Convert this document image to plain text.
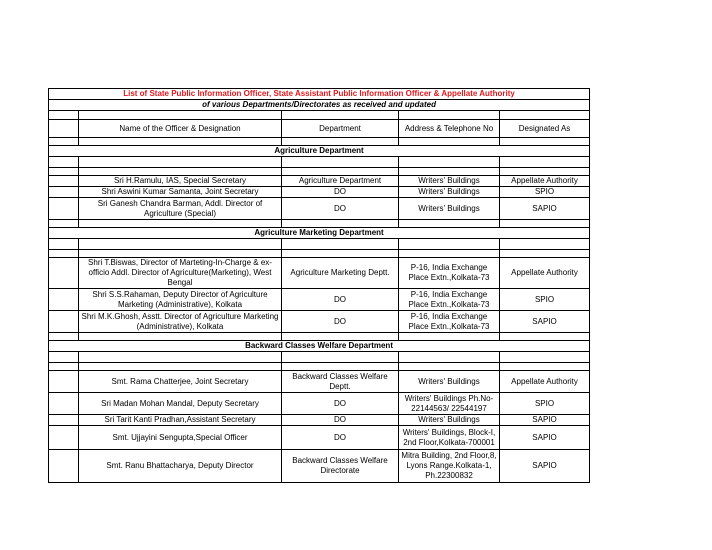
List of State Public Information Officer, State Assistant Public Information Officer & Appellate Authority				
of various Departments/Directorates as received and updated				

	Name of the Officer & Designation	Department	Address & Telephone No	Designated As

Agriculture Department				

	Sri H.Ramulu, IAS, Special Secretary	Agriculture Department	Writers' Buildings	Appellate Authority
	Shri Aswini Kumar Samanta, Joint Secretary	DO	Writers' Buildings	SPIO
	Sri Ganesh Chandra Barman, Addl. Director of Agriculture (Special)	DO	Writers' Buildings	SAPIO

Agriculture Marketing Department				

	Shri T.Biswas, Director of Marteting-In-Charge & ex-officio Addl. Director of Agriculture(Marketing), West Bengal	Agriculture Marketing Deptt.	P-16, India Exchange Place Extn.,Kolkata-73	Appellate Authority
	Shri S.S.Rahaman, Deputy Director of Agriculture Marketing (Administrative), Kolkata	DO	P-16, India Exchange Place Extn.,Kolkata-73	SPIO
	Shri M.K.Ghosh, Asstt. Director of Agriculture Marketing (Administrative), Kolkata	DO	P-16, India Exchange Place Extn.,Kolkata-73	SAPIO

Backward Classes Welfare Department				

	Smt. Rama Chatterjee, Joint Secretary	Backward Classes Welfare Deptt.	Writers' Buildings	Appellate Authority
	Sri Madan Mohan Mandal, Deputy Secretary	DO	Writers' Buildings Ph.No-22144563/ 22544197	SPIO
	Sri Tarit Kanti Pradhan,Assistant Secretary	DO	Writers' Buildings	SAPIO
	Smt. Ujjayini Sengupta,Special Officer	DO	Writers' Buildings, Block-I, 2nd Floor,Kolkata-700001	SAPIO
	Smt. Ranu Bhattacharya, Deputy Director	Backward Classes Welfare Directorate	Mitra Building, 2nd Floor,8, Lyons Range.Kolkata-1, Ph.22300832	SAPIO
